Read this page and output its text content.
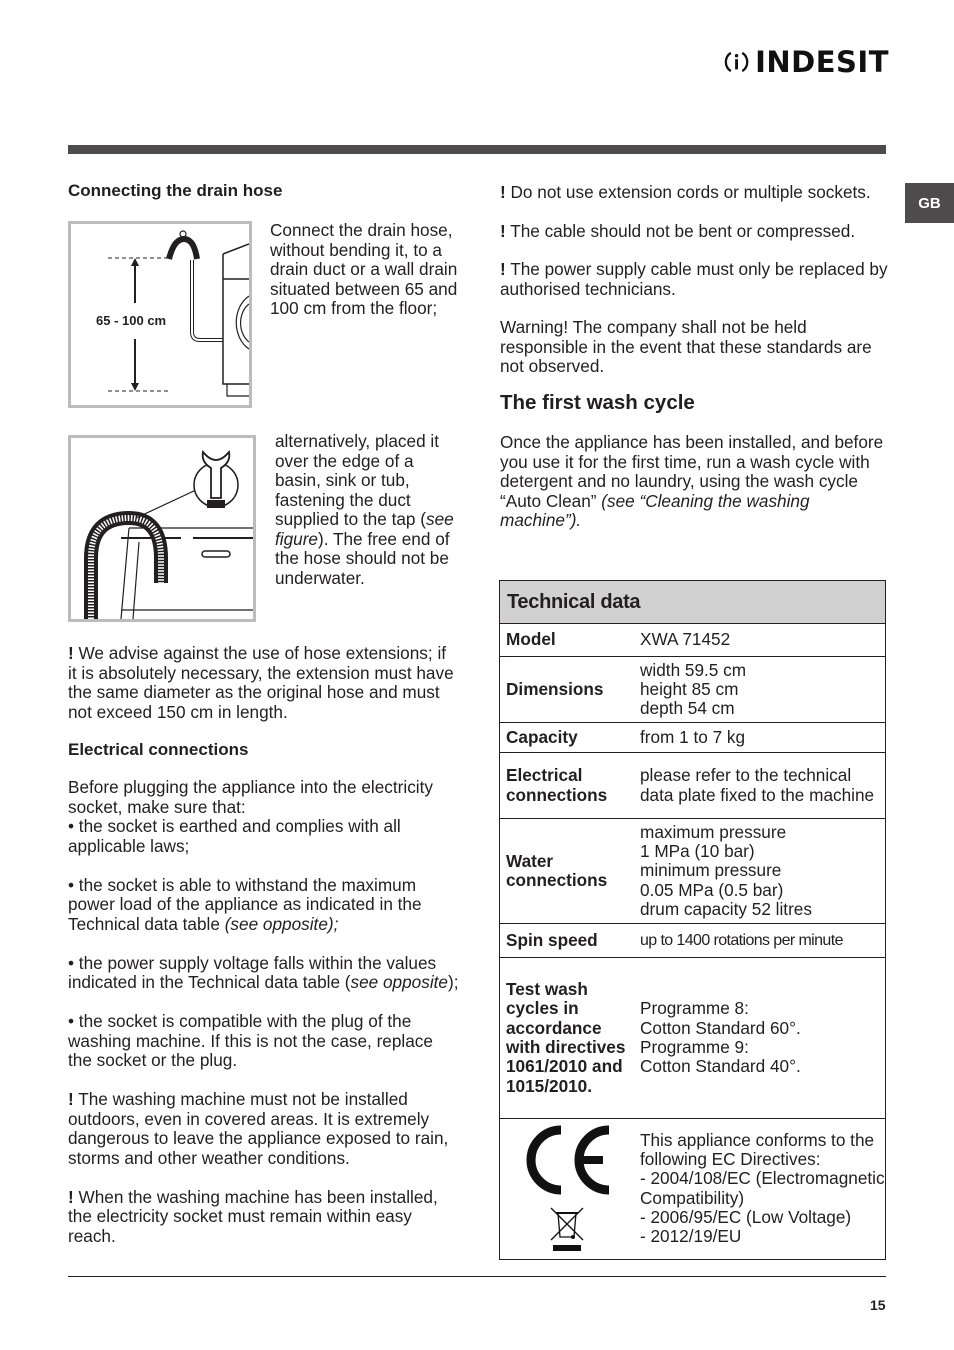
INDESIT
GB
Connecting the drain hose
65 - 100 cm
Connect the drain hose, without bending it, to a drain duct or a wall drain situated between 65 and 100 cm from the floor;
alternatively, placed it over the edge of a basin, sink or tub, fastening the duct supplied to the tap (see figure). The free end of the hose should not be underwater.
! We advise against the use of hose extensions; if it is absolutely necessary, the extension must have the same diameter as the original hose and must not exceed 150 cm in length.
Electrical connections
Before plugging the appliance into the electricity socket, make sure that:
• the socket is earthed and complies with all applicable laws;
• the socket is able to withstand the maximum power load of the appliance as indicated in the Technical data table (see opposite);
• the power supply voltage falls within the values indicated in the Technical data table (see opposite);
• the socket is compatible with the plug of the washing machine. If this is not the case, replace the socket or the plug.
! The washing machine must not be installed outdoors, even in covered areas. It is extremely dangerous to leave the appliance exposed to rain, storms and other weather conditions.
! When the washing machine has been installed, the electricity socket must remain within easy reach.
! Do not use extension cords or multiple sockets.
! The cable should not be bent or compressed.
! The power supply cable must only be replaced by authorised technicians.
Warning! The company shall not be held responsible in the event that these standards are not observed.
The first wash cycle
Once the appliance has been installed, and before you use it for the first time, run a wash cycle with detergent and no laundry, using the wash cycle “Auto Clean” (see “Cleaning the washing machine”).
Technical data
Model	XWA 71452
Dimensions	width 59.5 cm
height 85 cm
depth 54 cm

Capacity	from 1 to 7 kg
Electrical connections	please refer to the technical data plate fixed to the machine
Water connections	maximum pressure
1 MPa (10 bar)
minimum pressure
0.05 MPa (0.5 bar)
drum capacity 52 litres

Spin speed	up to 1400 rotations per minute
Test wash cycles in accordance with directives 1061/2010 and 1015/2010.	Programme 8:
Cotton Standard 60°.
Programme 9:
Cotton Standard 40°.

This appliance conforms to the following EC Directives:
- 2004/108/EC (Electromagnetic Compatibility)
- 2006/95/EC (Low Voltage)
- 2012/19/EU
15
